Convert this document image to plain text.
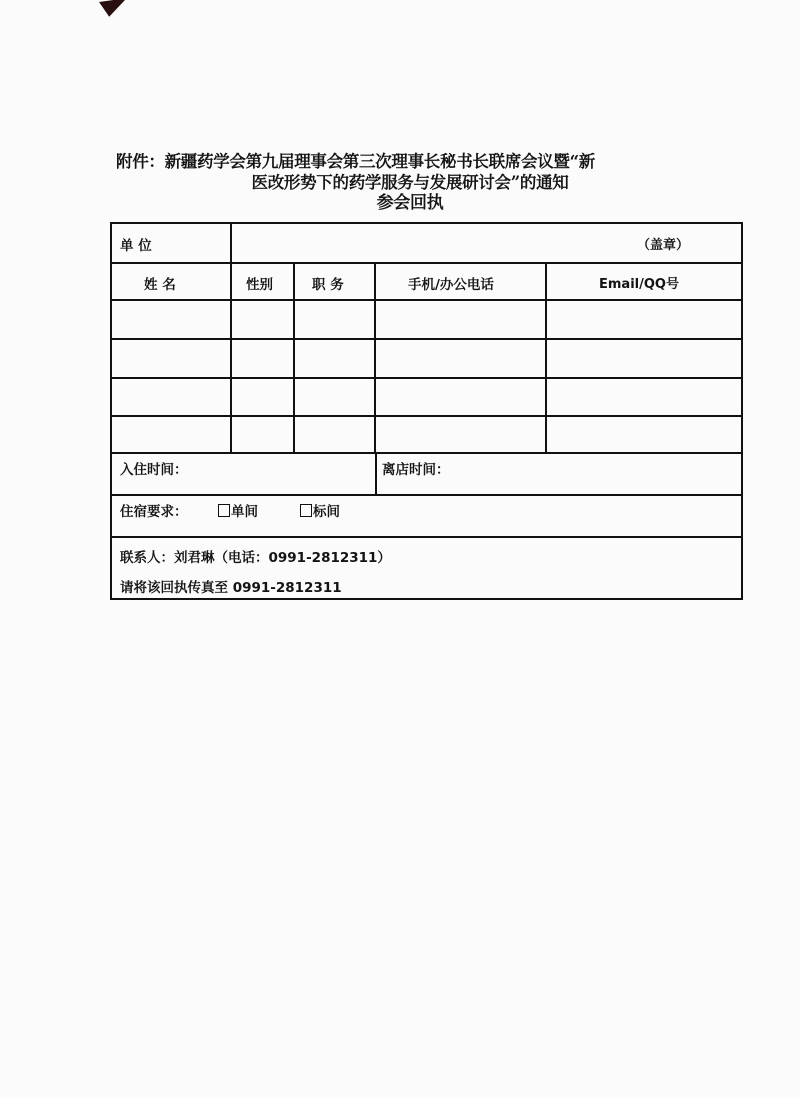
附件：新疆药学会第九届理事会第三次理事长秘书长联席会议暨“新
医改形势下的药学服务与发展研讨会”的通知
参会回执
单 位	（盖章）
姓 名	性别	职 务	手机/办公电话	Email/QQ号
入住时间：	离店时间：
住宿要求：	单间	标间
联系人：刘君琳（电话：0991-2812311）
请将该回执传真至 0991-2812311
